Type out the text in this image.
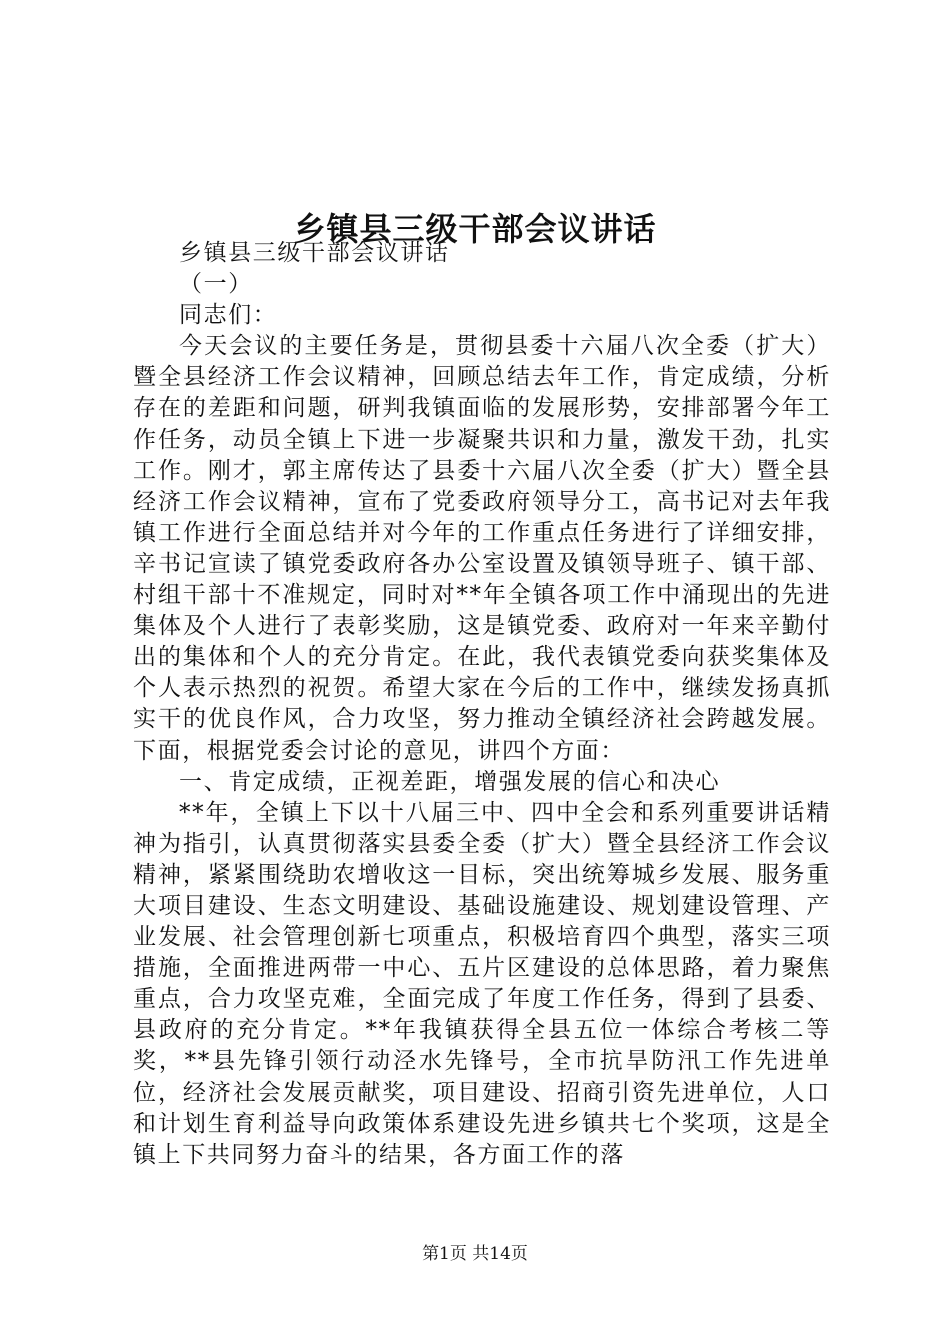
乡镇县三级干部会议讲话

乡镇县三级干部会议讲话

（一）

同志们：

今天会议的主要任务是，贯彻县委十六届八次全委（扩大）暨全县经济工作会议精神，回顾总结去年工作，肯定成绩，分析存在的差距和问题，研判我镇面临的发展形势，安排部署今年工作任务，动员全镇上下进一步凝聚共识和力量，激发干劲，扎实工作。刚才，郭主席传达了县委十六届八次全委（扩大）暨全县经济工作会议精神，宣布了党委政府领导分工，高书记对去年我镇工作进行全面总结并对今年的工作重点任务进行了详细安排，辛书记宣读了镇党委政府各办公室设置及镇领导班子、镇干部、村组干部十不准规定，同时对**年全镇各项工作中涌现出的先进集体及个人进行了表彰奖励，这是镇党委、政府对一年来辛勤付出的集体和个人的充分肯定。在此，我代表镇党委向获奖集体及个人表示热烈的祝贺。希望大家在今后的工作中，继续发扬真抓实干的优良作风，合力攻坚，努力推动全镇经济社会跨越发展。下面，根据党委会讨论的意见，讲四个方面：

一、肯定成绩，正视差距，增强发展的信心和决心

**年，全镇上下以十八届三中、四中全会和系列重要讲话精神为指引，认真贯彻落实县委全委（扩大）暨全县经济工作会议精神，紧紧围绕助农增收这一目标，突出统筹城乡发展、服务重大项目建设、生态文明建设、基础设施建设、规划建设管理、产业发展、社会管理创新七项重点，积极培育四个典型，落实三项措施，全面推进两带一中心、五片区建设的总体思路，着力聚焦重点，合力攻坚克难，全面完成了年度工作任务，得到了县委、县政府的充分肯定。**年我镇获得全县五位一体综合考核二等奖，**县先锋引领行动泾水先锋号，全市抗旱防汛工作先进单位，经济社会发展贡献奖，项目建设、招商引资先进单位，人口和计划生育利益导向政策体系建设先进乡镇共七个奖项，这是全镇上下共同努力奋斗的结果，各方面工作的落

第1页 共14页
